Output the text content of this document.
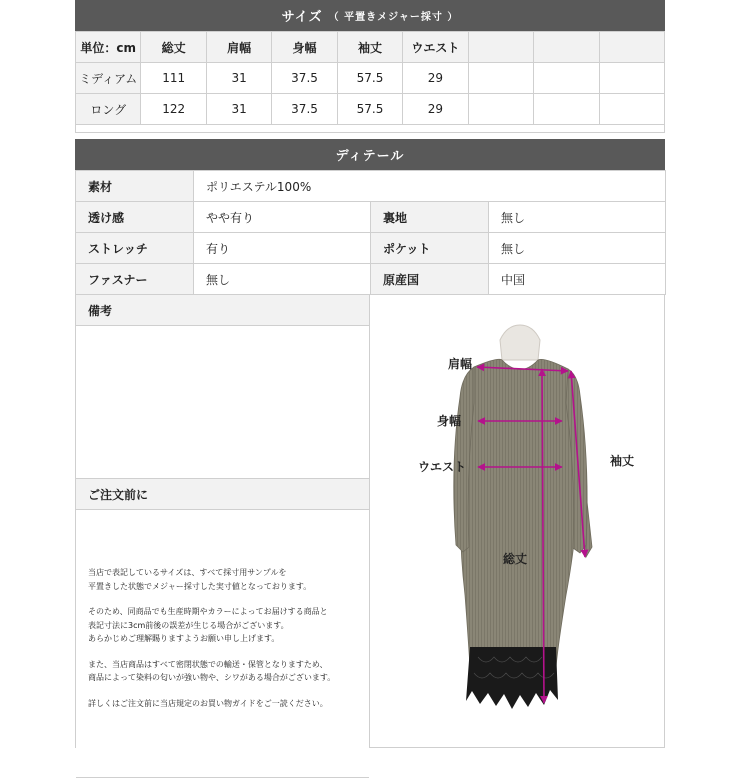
サイズ （ 平置きメジャー採寸 ）
単位：cm	総丈	肩幅	身幅	袖丈	ウエスト			
ミディアム	111	31	37.5	57.5	29			
ロング	122	31	37.5	57.5	29			
ディテール
素材	ポリエステル100%		
透け感	やや有り	裏地	無し
ストレッチ	有り	ポケット	無し
ファスナー	無し	原産国	中国
備考
ご注文前に

当店で表記しているサイズは、すべて採寸用サンプルを
平置きした状態でメジャー採寸した実寸値となっております。

そのため、同商品でも生産時期やカラーによってお届けする商品と
表記寸法に3cm前後の誤差が生じる場合がございます。
あらかじめご理解賜りますようお願い申し上げます。

また、当店商品はすべて密閉状態での輸送・保管となりますため、
商品によって染料の匂いが強い物や、シワがある場合がございます。

詳しくはご注文前に当店規定のお買い物ガイドをご一読ください。

肩幅
身幅
ウエスト	袖丈
総丈
